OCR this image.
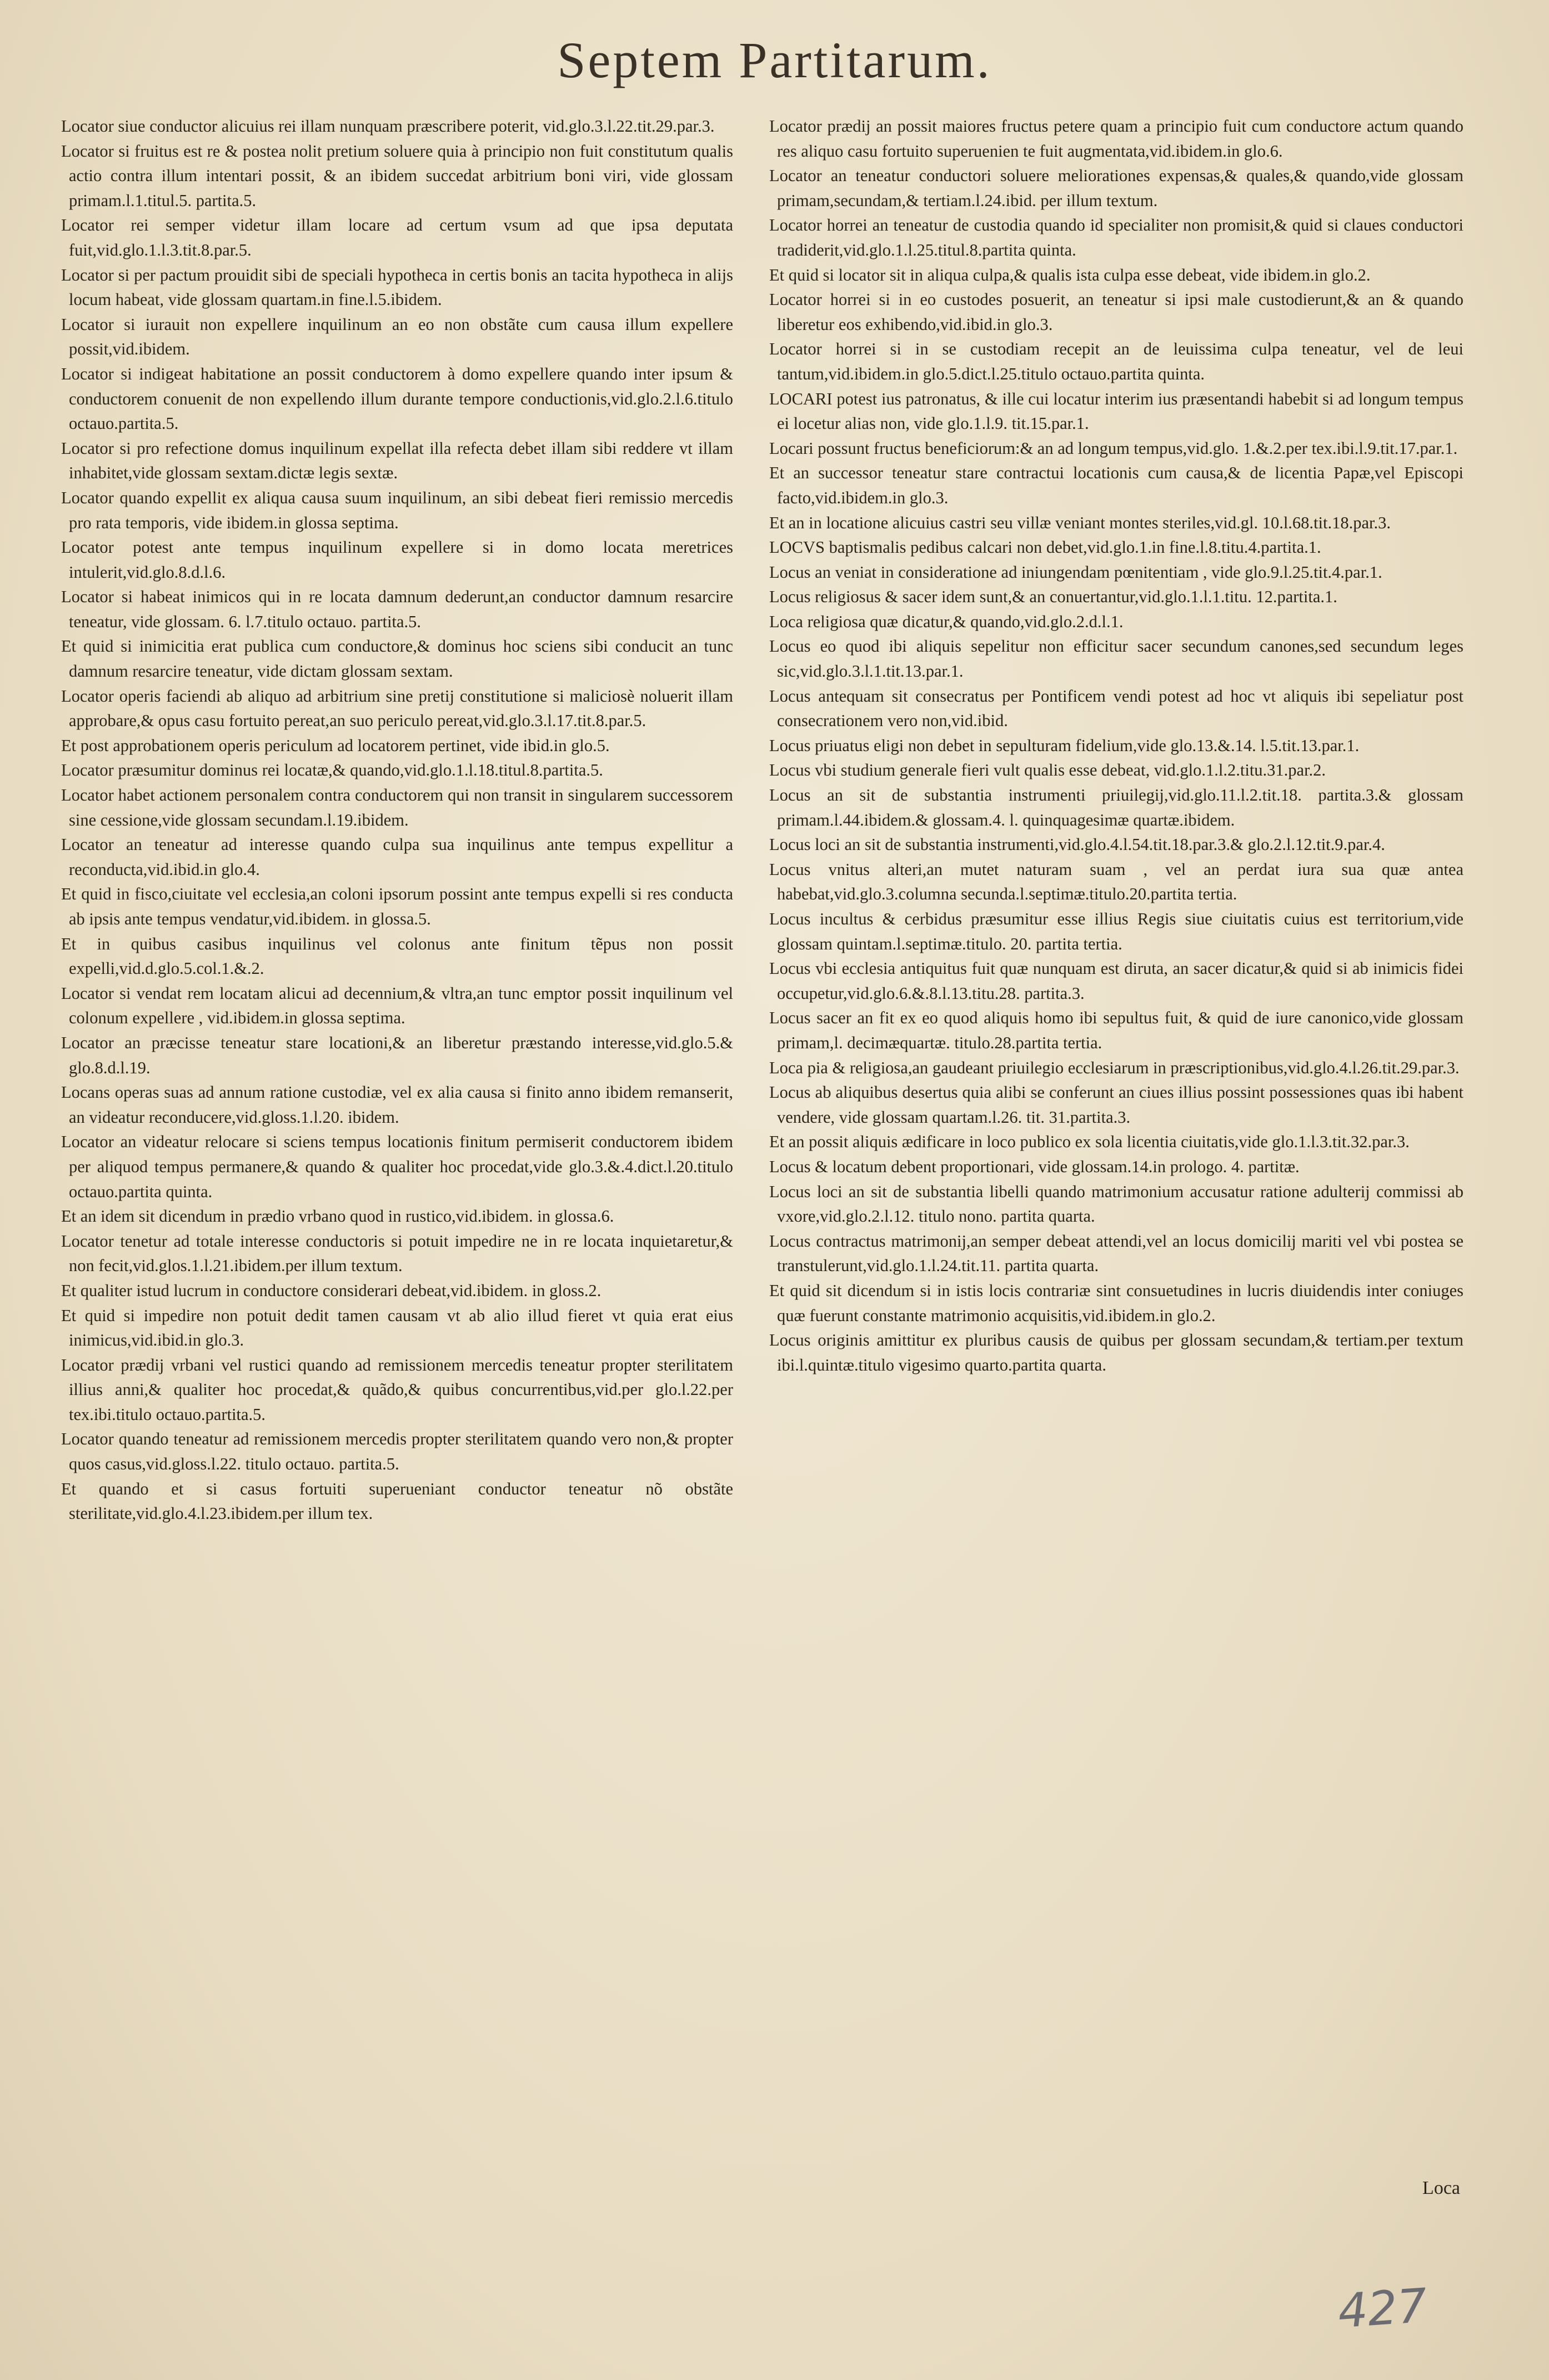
Septem Partitarum.
Locator siue conductor alicuius rei illam nunquam præscribere poterit, vid.glo.3.l.22.tit.29.par.3.
Locator si fruitus est re & postea nolit pretium soluere quia à principio non fuit constitutum qualis actio contra illum intentari possit, & an ibidem succedat arbitrium boni viri, vide glossam primam.l.1.titul.5. partita.5.
Locator rei semper videtur illam locare ad certum vsum ad que ipsa deputata fuit,vid.glo.1.l.3.tit.8.par.5.
Locator si per pactum prouidit sibi de speciali hypotheca in certis bonis an tacita hypotheca in alijs locum habeat, vide glossam quartam.in fine.l.5.ibidem.
Locator si iurauit non expellere inquilinum an eo non obstãte cum causa illum expellere possit,vid.ibidem.
Locator si indigeat habitatione an possit conductorem à domo expellere quando inter ipsum & conductorem conuenit de non expellendo illum durante tempore conductionis,vid.glo.2.l.6.titulo octauo.partita.5.
Locator si pro refectione domus inquilinum expellat illa refecta debet illam sibi reddere vt illam inhabitet,vide glossam sextam.dictæ legis sextæ.
Locator quando expellit ex aliqua causa suum inquilinum, an sibi debeat fieri remissio mercedis pro rata temporis, vide ibidem.in glossa septima.
Locator potest ante tempus inquilinum expellere si in domo locata meretrices intulerit,vid.glo.8.d.l.6.
Locator si habeat inimicos qui in re locata damnum dederunt,an conductor damnum resarcire teneatur, vide glossam. 6. l.7.titulo octauo. partita.5.
Et quid si inimicitia erat publica cum conductore,& dominus hoc sciens sibi conducit an tunc damnum resarcire teneatur, vide dictam glossam sextam.
Locator operis faciendi ab aliquo ad arbitrium sine pretij constitutione si maliciosè noluerit illam approbare,& opus casu fortuito pereat,an suo periculo pereat,vid.glo.3.l.17.tit.8.par.5.
Et post approbationem operis periculum ad locatorem pertinet, vide ibid.in glo.5.
Locator præsumitur dominus rei locatæ,& quando,vid.glo.1.l.18.titul.8.partita.5.
Locator habet actionem personalem contra conductorem qui non transit in singularem successorem sine cessione,vide glossam secundam.l.19.ibidem.
Locator an teneatur ad interesse quando culpa sua inquilinus ante tempus expellitur a reconducta,vid.ibid.in glo.4.
Et quid in fisco,ciuitate vel ecclesia,an coloni ipsorum possint ante tempus expelli si res conducta ab ipsis ante tempus vendatur,vid.ibidem. in glossa.5.
Et in quibus casibus inquilinus vel colonus ante finitum tẽpus non possit expelli,vid.d.glo.5.col.1.&.2.
Locator si vendat rem locatam alicui ad decennium,& vltra,an tunc emptor possit inquilinum vel colonum expellere , vid.ibidem.in glossa septima.
Locator an præcisse teneatur stare locationi,& an liberetur præstando interesse,vid.glo.5.& glo.8.d.l.19.
Locans operas suas ad annum ratione custodiæ, vel ex alia causa si finito anno ibidem remanserit, an videatur reconducere,vid.gloss.1.l.20. ibidem.
Locator an videatur relocare si sciens tempus locationis finitum permiserit conductorem ibidem per aliquod tempus permanere,& quando & qualiter hoc procedat,vide glo.3.&.4.dict.l.20.titulo octauo.partita quinta.
Et an idem sit dicendum in prædio vrbano quod in rustico,vid.ibidem. in glossa.6.
Locator tenetur ad totale interesse conductoris si potuit impedire ne in re locata inquietaretur,& non fecit,vid.glos.1.l.21.ibidem.per illum textum.
Et qualiter istud lucrum in conductore considerari debeat,vid.ibidem. in gloss.2.
Et quid si impedire non potuit dedit tamen causam vt ab alio illud fieret vt quia erat eius inimicus,vid.ibid.in glo.3.
Locator prædij vrbani vel rustici quando ad remissionem mercedis teneatur propter sterilitatem illius anni,& qualiter hoc procedat,& quãdo,& quibus concurrentibus,vid.per glo.l.22.per tex.ibi.titulo octauo.partita.5.
Locator quando teneatur ad remissionem mercedis propter sterilitatem quando vero non,& propter quos casus,vid.gloss.l.22. titulo octauo. partita.5.
Et quando et si casus fortuiti superueniant conductor teneatur nõ obstãte sterilitate,vid.glo.4.l.23.ibidem.per illum tex.
Locator prædij an possit maiores fructus petere quam a principio fuit cum conductore actum quando res aliquo casu fortuito superuenien te fuit augmentata,vid.ibidem.in glo.6.
Locator an teneatur conductori soluere meliorationes expensas,& quales,& quando,vide glossam primam,secundam,& tertiam.l.24.ibid. per illum textum.
Locator horrei an teneatur de custodia quando id specialiter non promisit,& quid si claues conductori tradiderit,vid.glo.1.l.25.titul.8.partita quinta.
Et quid si locator sit in aliqua culpa,& qualis ista culpa esse debeat, vide ibidem.in glo.2.
Locator horrei si in eo custodes posuerit, an teneatur si ipsi male custodierunt,& an & quando liberetur eos exhibendo,vid.ibid.in glo.3.
Locator horrei si in se custodiam recepit an de leuissima culpa teneatur, vel de leui tantum,vid.ibidem.in glo.5.dict.l.25.titulo octauo.partita quinta.
LOCARI potest ius patronatus, & ille cui locatur interim ius præsentandi habebit si ad longum tempus ei locetur alias non, vide glo.1.l.9. tit.15.par.1.
Locari possunt fructus beneficiorum:& an ad longum tempus,vid.glo. 1.&.2.per tex.ibi.l.9.tit.17.par.1.
Et an successor teneatur stare contractui locationis cum causa,& de licentia Papæ,vel Episcopi facto,vid.ibidem.in glo.3.
Et an in locatione alicuius castri seu villæ veniant montes steriles,vid.gl. 10.l.68.tit.18.par.3.
LOCVS baptismalis pedibus calcari non debet,vid.glo.1.in fine.l.8.titu.4.partita.1.
Locus an veniat in consideratione ad iniungendam pœnitentiam , vide glo.9.l.25.tit.4.par.1.
Locus religiosus & sacer idem sunt,& an conuertantur,vid.glo.1.l.1.titu. 12.partita.1.
Loca religiosa quæ dicatur,& quando,vid.glo.2.d.l.1.
Locus eo quod ibi aliquis sepelitur non efficitur sacer secundum canones,sed secundum leges sic,vid.glo.3.l.1.tit.13.par.1.
Locus antequam sit consecratus per Pontificem vendi potest ad hoc vt aliquis ibi sepeliatur post consecrationem vero non,vid.ibid.
Locus priuatus eligi non debet in sepulturam fidelium,vide glo.13.&.14. l.5.tit.13.par.1.
Locus vbi studium generale fieri vult qualis esse debeat, vid.glo.1.l.2.titu.31.par.2.
Locus an sit de substantia instrumenti priuilegij,vid.glo.11.l.2.tit.18. partita.3.& glossam primam.l.44.ibidem.& glossam.4. l. quinquagesimæ quartæ.ibidem.
Locus loci an sit de substantia instrumenti,vid.glo.4.l.54.tit.18.par.3.& glo.2.l.12.tit.9.par.4.
Locus vnitus alteri,an mutet naturam suam , vel an perdat iura sua quæ antea habebat,vid.glo.3.columna secunda.l.septimæ.titulo.20.partita tertia.
Locus incultus & cerbidus præsumitur esse illius Regis siue ciuitatis cuius est territorium,vide glossam quintam.l.septimæ.titulo. 20. partita tertia.
Locus vbi ecclesia antiquitus fuit quæ nunquam est diruta, an sacer dicatur,& quid si ab inimicis fidei occupetur,vid.glo.6.&.8.l.13.titu.28. partita.3.
Locus sacer an fit ex eo quod aliquis homo ibi sepultus fuit, & quid de iure canonico,vide glossam primam,l. decimæquartæ. titulo.28.partita tertia.
Loca pia & religiosa,an gaudeant priuilegio ecclesiarum in præscriptionibus,vid.glo.4.l.26.tit.29.par.3.
Locus ab aliquibus desertus quia alibi se conferunt an ciues illius possint possessiones quas ibi habent vendere, vide glossam quartam.l.26. tit. 31.partita.3.
Et an possit aliquis ædificare in loco publico ex sola licentia ciuitatis,vide glo.1.l.3.tit.32.par.3.
Locus & locatum debent proportionari, vide glossam.14.in prologo. 4. partitæ.
Locus loci an sit de substantia libelli quando matrimonium accusatur ratione adulterij commissi ab vxore,vid.glo.2.l.12. titulo nono. partita quarta.
Locus contractus matrimonij,an semper debeat attendi,vel an locus domicilij mariti vel vbi postea se transtulerunt,vid.glo.1.l.24.tit.11. partita quarta.
Et quid sit dicendum si in istis locis contrariæ sint consuetudines in lucris diuidendis inter coniuges quæ fuerunt constante matrimonio acquisitis,vid.ibidem.in glo.2.
Locus originis amittitur ex pluribus causis de quibus per glossam secundam,& tertiam.per textum ibi.l.quintæ.titulo vigesimo quarto.partita quarta.
Loca
427
